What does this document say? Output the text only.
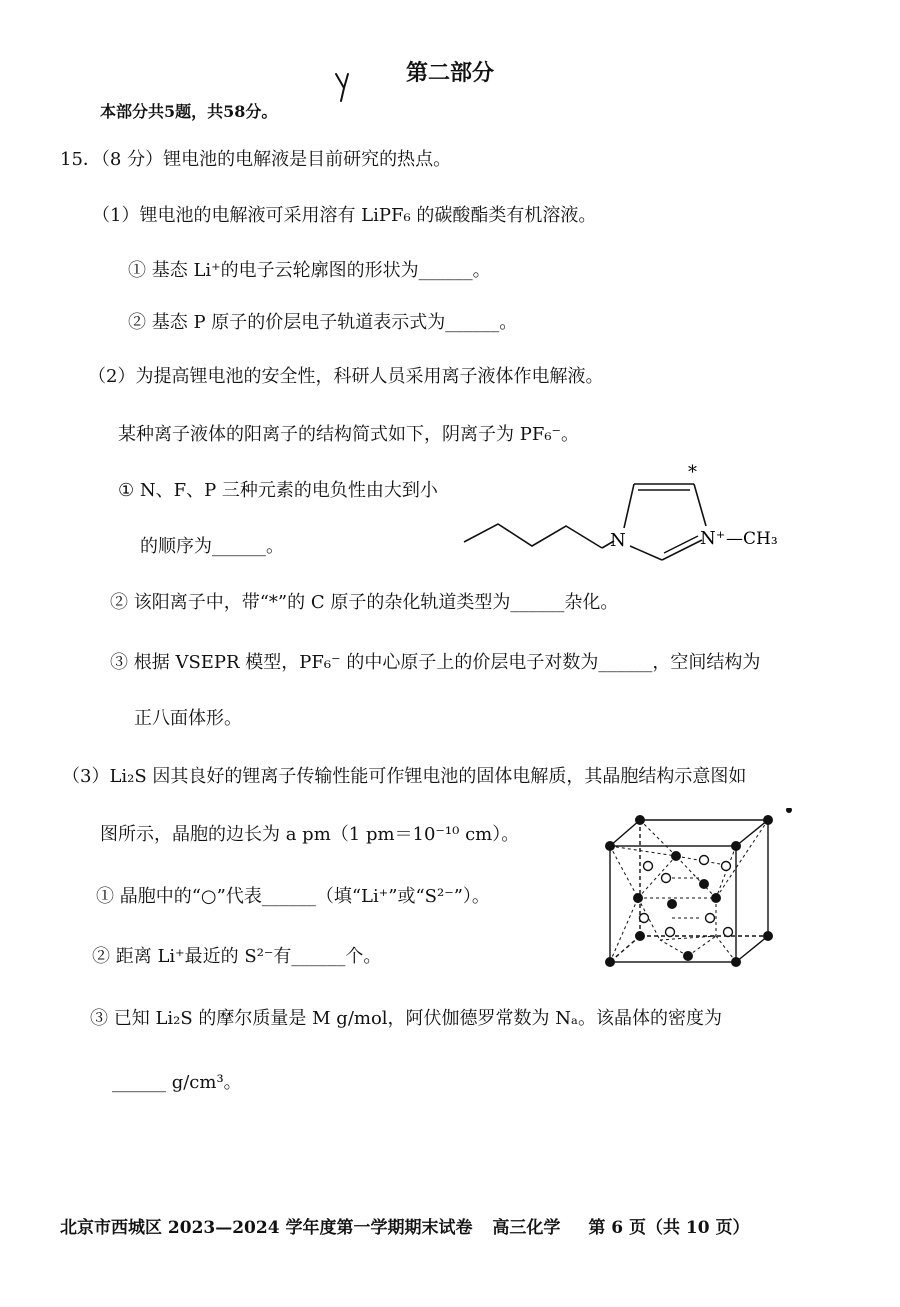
第二部分
本部分共5题，共58分。
15．（8 分）锂电池的电解液是目前研究的热点。
（1）锂电池的电解液可采用溶有 LiPF₆ 的碳酸酯类有机溶液。
① 基态 Li⁺的电子云轮廓图的形状为______。
② 基态 P 原子的价层电子轨道表示式为______。
（2）为提高锂电池的安全性，科研人员采用离子液体作电解液。
某种离子液体的阳离子的结构简式如下，阴离子为 PF₆⁻。
① N、F、P 三种元素的电负性由大到小
的顺序为______。	N	N⁺ —CH₃
*
② 该阳离子中，带“*”的 C 原子的杂化轨道类型为______杂化。
③ 根据 VSEPR 模型，PF₆⁻ 的中心原子上的价层电子对数为______，空间结构为
正八面体形。
（3）Li₂S 因其良好的锂离子传输性能可作锂电池的固体电解质，其晶胞结构示意图如
图所示，晶胞的边长为 a pm（1 pm＝10⁻¹⁰ cm）。
① 晶胞中的“○”代表______（填“Li⁺”或“S²⁻”）。
② 距离 Li⁺最近的 S²⁻有______个。
③ 已知 Li₂S 的摩尔质量是 M g/mol，阿伏伽德罗常数为 Nₐ。该晶体的密度为
______ g/cm³。
北京市西城区 2023—2024 学年度第一学期期末试卷 高三化学 第 6 页（共 10 页）
